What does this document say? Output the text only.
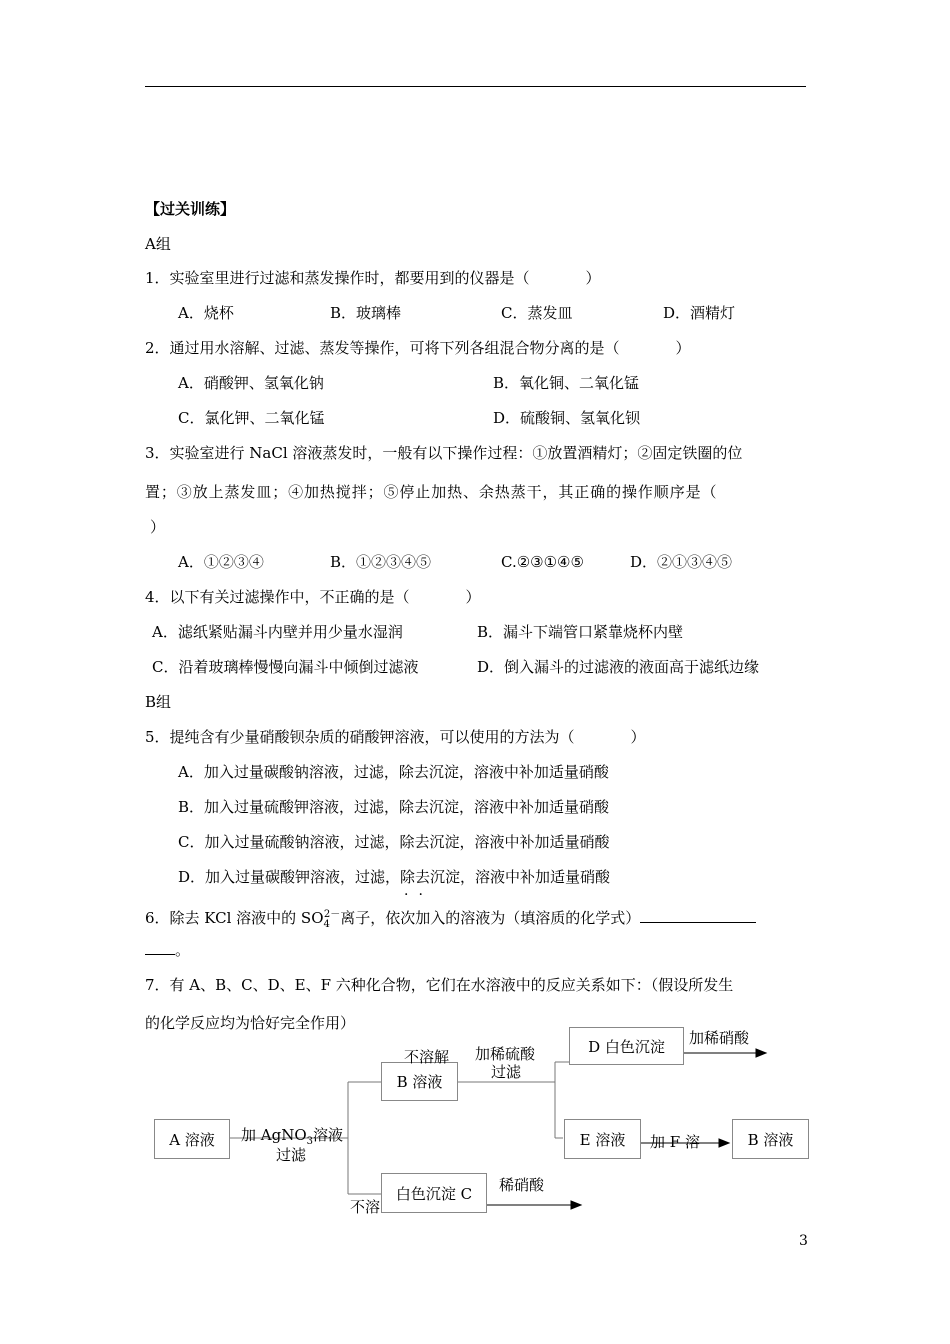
【过关训练】
A组
1．实验室里进行过滤和蒸发操作时，都要用到的仪器是（	）
A．烧杯	B．玻璃棒	C．蒸发皿	D．酒精灯
2．通过用水溶解、过滤、蒸发等操作，可将下列各组混合物分离的是（	）
A．硝酸钾、氢氧化钠	B．氧化铜、二氧化锰
C．氯化钾、二氧化锰	D．硫酸铜、氢氧化钡
3．实验室进行 NaCl 溶液蒸发时，一般有以下操作过程：①放置酒精灯；②固定铁圈的位
置；③放上蒸发皿；④加热搅拌；⑤停止加热、余热蒸干，其正确的操作顺序是（
）
A．①②③④	B．①②③④⑤	C.②③①④⑤	D．②①③④⑤
4．以下有关过滤操作中，不正确的是（	）
A．滤纸紧贴漏斗内壁并用少量水湿润	B．漏斗下端管口紧靠烧杯内壁
C．沿着玻璃棒慢慢向漏斗中倾倒过滤液	D．倒入漏斗的过滤液的液面高于滤纸边缘
B组
5．提纯含有少量硝酸钡杂质的硝酸钾溶液，可以使用的方法为（	）
A．加入过量碳酸钠溶液，过滤，除去沉淀，溶液中补加适量硝酸
B．加入过量硫酸钾溶液，过滤，除去沉淀，溶液中补加适量硝酸
C．加入过量硫酸钠溶液，过滤，除去沉淀，溶液中补加适量硝酸
D．加入过量碳酸钾溶液，过滤，除去沉淀，溶液中补加适量硝酸
··
6．除去 KCl 溶液中的 $SO_4^{2-}$离子，依次加入的溶液为（填溶质的化学式）
。
7．有 A、B、C、D、E、F 六种化合物，它们在水溶液中的反应关系如下：（假设所发生
的化学反应均为恰好完全作用）
A 溶液
B 溶液
白色沉淀 C
D 白色沉淀
E 溶液	B 溶液
加 AgNO$_3$溶液
过滤
不溶解
不溶
加稀硫酸
过滤
加稀硝酸
加 F 溶
稀硝酸
3
